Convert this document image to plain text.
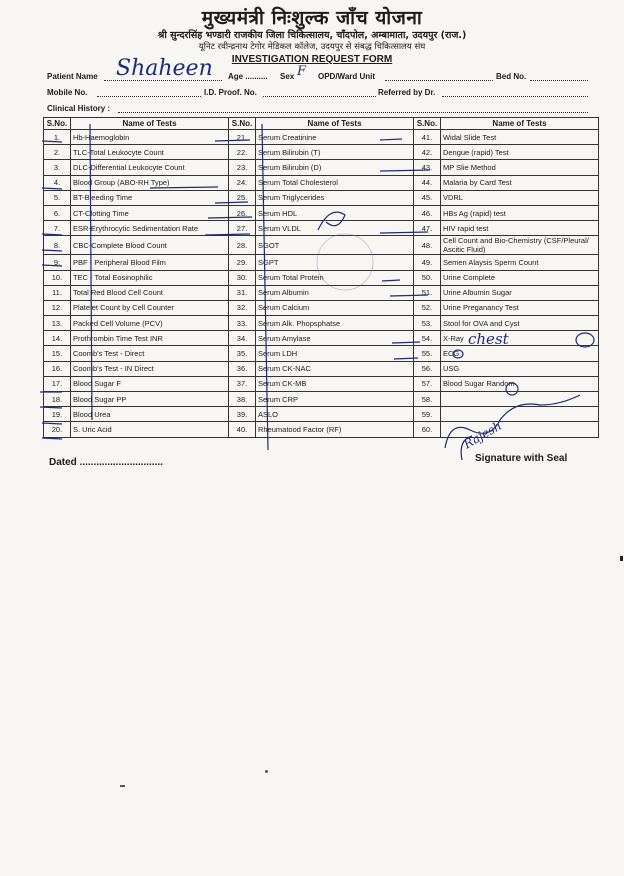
मुख्यमंत्री निःशुल्क जाँच योजना
श्री सुन्दरसिंह भण्डारी राजकीय जिला चिकित्सालय, चाँदपोल, अम्बामाता, उदयपुर (राज.)
यूनिट रवीन्द्रनाथ टेगोर मेडिकल कॉलेज, उदयपुर से संबद्ध चिकित्सालय संघ
INVESTIGATION REQUEST FORM
Patient Name Shaheen Age .......... Sex F OPD/Ward Unit	Bed No.
Mobile No.	I.D. Proof. No.	Referred by Dr.
Clinical History :
S.No.	Name of Tests	S.No.	Name of Tests	S.No.	Name of Tests
1.	Hb-Haemoglobin	21.	Serum Creatinine	41.	Widal Slide Test
2.	TLC-Total Leukocyte Count	22.	Serum Bilirubin (T)	42.	Dengue (rapid) Test
3.	DLC-Differential Leukocyte Count	23.	Serum Bilirubin (D)	43.	MP Slie Method
4.	Blood Group (ABO-RH Type)	24.	Serum Total Cholesterol	44.	Malaria by Card Test
5.	BT-Bleeding Time	25.	Serum Triglycerides	45.	VDRL
6.	CT-Clotting Time	26.	Serum HDL	46.	HBs Ag (rapid) test
7.	ESR-Erythrocytic Sedimentation Rate	27.	Serum VLDL	47.	HIV rapid test
8.	CBC-Complete Blood Count	28.	SGOT	48.	Cell Count and Bio-Chemistry (CSF/Pleural/ Ascitic Fluid)
9.	PBF - Peripheral Blood Film	29.	SGPT	49.	Semen Alaysis Sperm Count
10.	TEC - Total Eosinophilic	30.	Serum Total Protein	50.	Urine Complete
11.	Total Red Blood Cell Count	31.	Serum Albumin	51.	Urine Albumin Sugar
12.	Platelet Count by Cell Counter	32.	Serum Calcium	52.	Urine Preganancy Test
13.	Packed Cell Volume (PCV)	33.	Serum Alk. Phopsphatse	53.	Stool for OVA and Cyst
14.	Prothrombin Time Test INR	34.	Serum Amylase	54.	X-Ray
15.	Coomb's Test - Direct	35.	Serum LDH	55.	ECG
16.	Coomb's Test - IN Direct	36.	Serum CK-NAC	56.	USG
17.	Blood Sugar F	37.	Serum CK-MB	57.	Blood Sugar Random
18.	Blood Sugar PP	38.	Serum CRP	58.	
19.	Blood Urea	39.	ASLO	59.	
20.	S. Uric Acid	40.	Rheumatood Factor (RF)	60.	
chest
Rajesh
Dated ..............................	Signature with Seal
